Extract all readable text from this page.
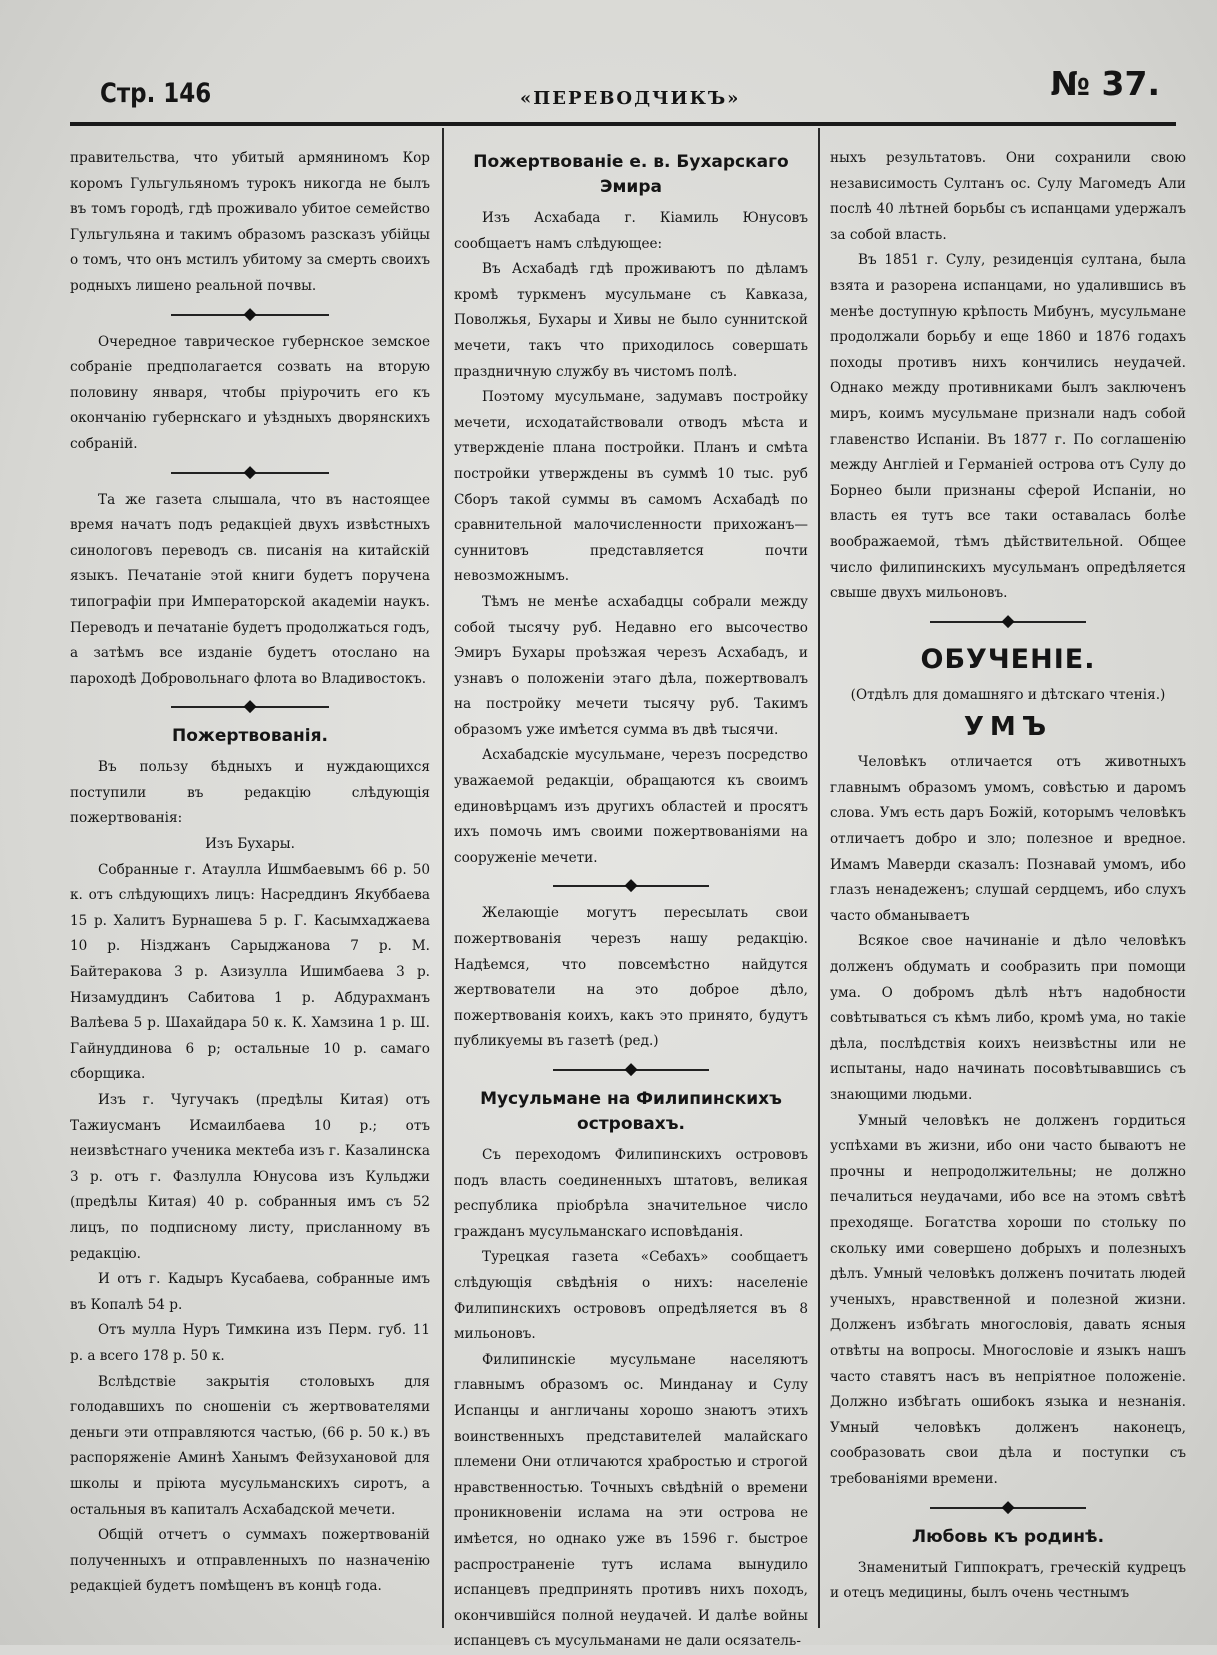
Стр. 146	«ПЕРЕВОДЧИКЪ»	№ 37.

правительства, что убитый армяниномъ Кор коромъ Гульгульяномъ турокъ никогда не былъ въ томъ городѣ, гдѣ проживало убитое семейство Гульгульяна и такимъ образомъ разсказъ убійцы о томъ, что онъ мстилъ убитому за смерть своихъ родныхъ лишено реальной почвы.

◆

Очередное таврическое губернское земское собраніе предполагается созвать на вторую половину января, чтобы пріурочить его къ окончанію губернскаго и уѣздныхъ дворянскихъ собраній.

◆

Та же газета слышала, что въ настоящее время начатъ подъ редакціей двухъ извѣстныхъ синологовъ переводъ св. писанія на китайскій языкъ. Печатаніе этой книги будетъ поручена типографіи при Императорской академіи наукъ. Переводъ и печатаніе будетъ продолжаться годъ, а затѣмъ все изданіе будетъ отослано на пароходѣ Добровольнаго флота во Владивостокъ.

◆
Пожертвованія.

Въ пользу бѣдныхъ и нуждающихся поступили въ редакцію слѣдующія пожертвованія:

Изъ Бухары.

Собранные г. Атаулла Ишмбаевымъ 66 р. 50 к. отъ слѣдующихъ лицъ: Насреддинъ Якуббаева 15 р. Халитъ Бурнашева 5 р. Г. Касымхаджаева 10 р. Нізджанъ Сарыджанова 7 р. М. Байтеракова 3 р. Азизулла Ишимбаева 3 р. Низамуддинъ Сабитова 1 р. Абдурахманъ Валѣева 5 р. Шахайдара 50 к. К. Хамзина 1 р. Ш. Гайнуддинова 6 р; остальные 10 р. самаго сборщика.

Изъ г. Чугучакъ (предѣлы Китая) отъ Тажиусманъ Исмаилбаева 10 р.; отъ неизвѣстнаго ученика мектеба изъ г. Казалинска 3 р. отъ г. Фазлулла Юнусова изъ Кульджи (предѣлы Китая) 40 р. собранныя имъ съ 52 лицъ, по подписному листу, присланному въ редакцію.

И отъ г. Кадыръ Кусабаева, собранные имъ въ Копалѣ 54 р.

Отъ мулла Нуръ Тимкина изъ Перм. губ. 11 р. а всего 178 р. 50 к.

Вслѣдствіе закрытія столовыхъ для голодавшихъ по сношеніи съ жертвователями деньги эти отправляются частью, (66 р. 50 к.) въ распоряженіе Аминѣ Ханымъ Фейзухановой для школы и пріюта мусульманскихъ сиротъ, а остальныя въ капиталъ Асхабадской мечети.

Общій отчетъ о суммахъ пожертвованій полученныхъ и отправленныхъ по назначенію редакціей будетъ помѣщенъ въ концѣ года.

Пожертвованіе е. в. Бухарскаго Эмира

Изъ Асхабада г. Кіамиль Юнусовъ сообщаетъ намъ слѣдующее:

Въ Асхабадѣ гдѣ проживаютъ по дѣламъ кромѣ туркменъ мусульмане съ Кавказа, Поволжья, Бухары и Хивы не было суннитской мечети, такъ что приходилось совершать праздничную службу въ чистомъ полѣ.

Поэтому мусульмане, задумавъ постройку мечети, исходатайствовали отводъ мѣста и утвержденіе плана постройки. Планъ и смѣта постройки утверждены въ суммѣ 10 тыс. руб Сборъ такой суммы въ самомъ Асхабадѣ по сравнительной малочисленности прихожанъ—суннитовъ представляется почти невозможнымъ.

Тѣмъ не менѣе асхабадцы собрали между собой тысячу руб. Недавно его высочество Эмиръ Бухары проѣзжая черезъ Асхабадъ, и узнавъ о положеніи этаго дѣла, пожертвовалъ на постройку мечети тысячу руб. Такимъ образомъ уже имѣется сумма въ двѣ тысячи.

Асхабадскіе мусульмане, черезъ посредство уважаемой редакціи, обращаются къ своимъ единовѣрцамъ изъ другихъ областей и просятъ ихъ помочь имъ своими пожертвованіями на сооруженіе мечети.

◆

Желающіе могутъ пересылать свои пожертвованія черезъ нашу редакцію. Надѣемся, что повсемѣстно найдутся жертвователи на это доброе дѣло, пожертвованія коихъ, какъ это принято, будутъ публикуемы въ газетѣ (ред.)

◆
Мусульмане на Филипинскихъ островахъ.

Съ переходомъ Филипинскихъ острововъ подъ власть соединенныхъ штатовъ, великая республика пріобрѣла значительное число гражданъ мусульманскаго исповѣданія.

Турецкая газета «Себахъ» сообщаетъ слѣдующія свѣдѣнія о нихъ: населеніе Филипинскихъ острововъ опредѣляется въ 8 мильоновъ.

Филипинскіе мусульмане населяютъ главнымъ образомъ ос. Минданау и Сулу Испанцы и англичаны хорошо знаютъ этихъ воинственныхъ представителей малайскаго племени Они отличаются храбростью и строгой нравственностью. Точныхъ свѣдѣній о времени проникновеніи ислама на эти острова не имѣется, но однако уже въ 1596 г. быстрое распространеніе тутъ ислама вынудило испанцевъ предпринять противъ нихъ походъ, окончившійся полной неудачей. И далѣе войны испанцевъ съ мусульманами не дали осязатель-

ныхъ результатовъ. Они сохранили свою независимость Султанъ ос. Сулу Магомедъ Али послѣ 40 лѣтней борьбы съ испанцами удержалъ за собой власть.

Въ 1851 г. Сулу, резиденція султана, была взята и разорена испанцами, но удалившись въ менѣе доступную крѣпость Мибунъ, мусульмане продолжали борьбу и еще 1860 и 1876 годахъ походы противъ нихъ кончились неудачей. Однако между противниками былъ заключенъ миръ, коимъ мусульмане признали надъ собой главенство Испаніи. Въ 1877 г. По соглашенію между Англіей и Германіей острова отъ Сулу до Борнео были признаны сферой Испаніи, но власть ея тутъ все таки оставалась болѣе воображаемой, тѣмъ дѣйствительной. Общее число филипинскихъ мусульманъ опредѣляется свыше двухъ мильоновъ.

◆
ОБУЧЕНІЕ.

(Отдѣлъ для домашняго и дѣтскаго чтенія.)

УМЪ

Человѣкъ отличается отъ животныхъ главнымъ образомъ умомъ, совѣстью и даромъ слова. Умъ есть даръ Божій, которымъ человѣкъ отличаетъ добро и зло; полезное и вредное. Имамъ Маверди сказалъ: Познавай умомъ, ибо глазъ ненадеженъ; слушай сердцемъ, ибо слухъ часто обманываетъ

Всякое свое начинаніе и дѣло человѣкъ долженъ обдумать и сообразить при помощи ума. О добромъ дѣлѣ нѣтъ надобности совѣтываться съ кѣмъ либо, кромѣ ума, но такіе дѣла, послѣдствія коихъ неизвѣстны или не испытаны, надо начинать посовѣтывавшись съ знающими людьми.

Умный человѣкъ не долженъ гордиться успѣхами въ жизни, ибо они часто бываютъ не прочны и непродолжительны; не должно печалиться неудачами, ибо все на этомъ свѣтѣ преходяще. Богатства хороши по стольку по скольку ими совершено добрыхъ и полезныхъ дѣлъ. Умный человѣкъ долженъ почитать людей ученыхъ, нравственной и полезной жизни. Долженъ избѣгать многословія, давать ясныя отвѣты на вопросы. Многословіе и языкъ нашъ часто ставятъ насъ въ непріятное положеніе. Должно избѣгать ошибокъ языка и незнанія. Умный человѣкъ долженъ наконецъ, сообразовать свои дѣла и поступки съ требованіями времени.

◆
Любовь къ родинѣ.

Знаменитый Гиппократъ, греческій кудрецъ и отецъ медицины, былъ очень честнымъ
